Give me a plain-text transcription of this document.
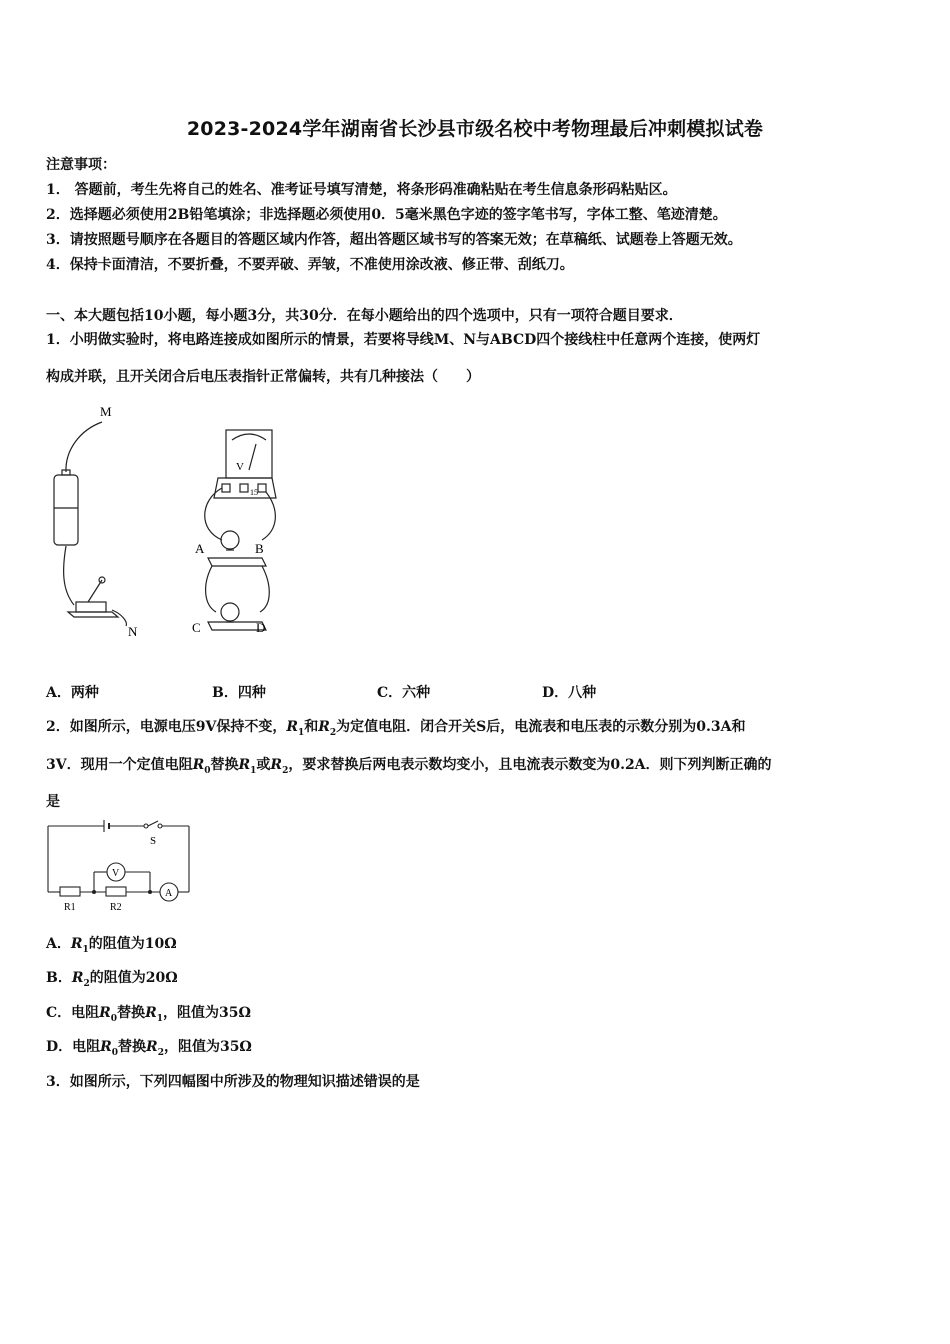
2023-2024学年湖南省长沙县市级名校中考物理最后冲刺模拟试卷
注意事项：
1． 答题前，考生先将自己的姓名、准考证号填写清楚，将条形码准确粘贴在考生信息条形码粘贴区。
2．选择题必须使用2B铅笔填涂；非选择题必须使用0．5毫米黑色字迹的签字笔书写，字体工整、笔迹清楚。
3．请按照题号顺序在各题目的答题区域内作答，超出答题区域书写的答案无效；在草稿纸、试题卷上答题无效。
4．保持卡面清洁，不要折叠，不要弄破、弄皱，不准使用涂改液、修正带、刮纸刀。
一、本大题包括10小题，每小题3分，共30分．在每小题给出的四个选项中，只有一项符合题目要求．
1．小明做实验时，将电路连接成如图所示的情景，若要将导线M、N与ABCD四个接线柱中任意两个连接，使两灯
构成并联，且开关闭合后电压表指针正常偏转，共有几种接法（　　）
M
N
A	B
C	D
V
15
A．两种	B．四种	C．六种	D．八种
2．如图所示，电源电压9V保持不变，$R_1$和$R_2$为定值电阻．闭合开关S后，电流表和电压表的示数分别为0.3A和
3V．现用一个定值电阻$R_0$替换$R_1$或$R_2$，要求替换后两电表示数均变小，且电流表示数变为0.2A．则下列判断正确的
是
S
R1	R2
V
A
A．$R_1$的阻值为10Ω
B．$R_2$的阻值为20Ω
C．电阻$R_0$替换$R_1$，阻值为35Ω
D．电阻$R_0$替换$R_2$，阻值为35Ω
3．如图所示，下列四幅图中所涉及的物理知识描述错误的是
